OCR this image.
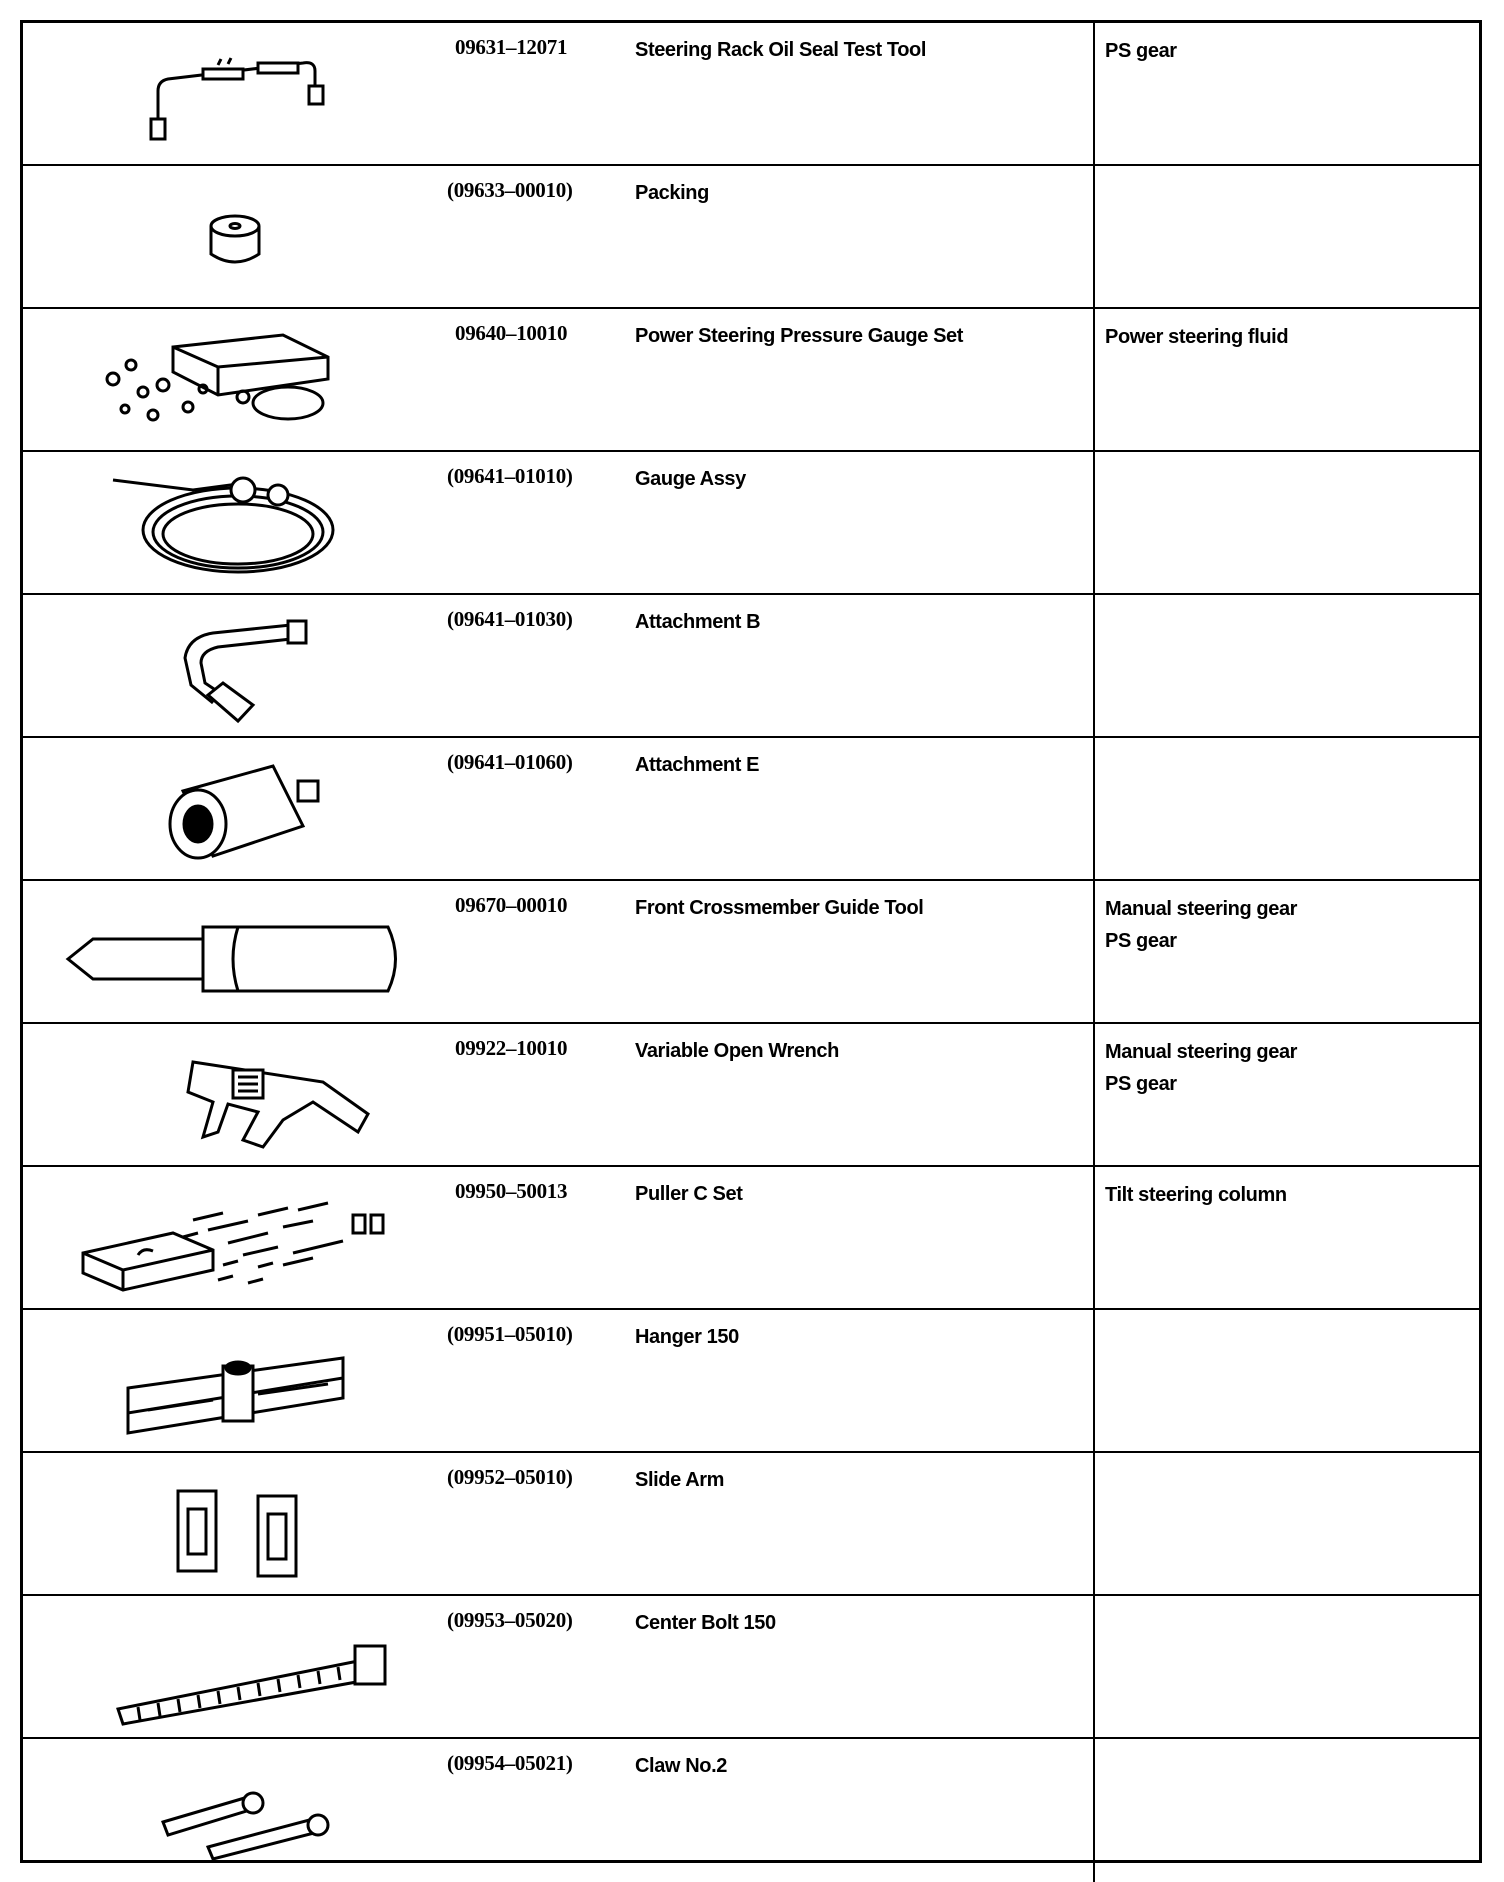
09631–12071	Steering Rack Oil Seal Test Tool	PS gear
(09633–00010)	Packing
09640–10010	Power Steering Pressure Gauge Set	Power steering fluid
(09641–01010)	Gauge Assy
(09641–01030)	Attachment B
(09641–01060)	Attachment E
09670–00010	Front Crossmember Guide Tool	Manual steering gear
PS gear
09922–10010	Variable Open Wrench	Manual steering gear
PS gear
09950–50013	Puller C Set	Tilt steering column
(09951–05010)	Hanger 150
(09952–05010)	Slide Arm
(09953–05020)	Center Bolt 150
(09954–05021)	Claw No.2
